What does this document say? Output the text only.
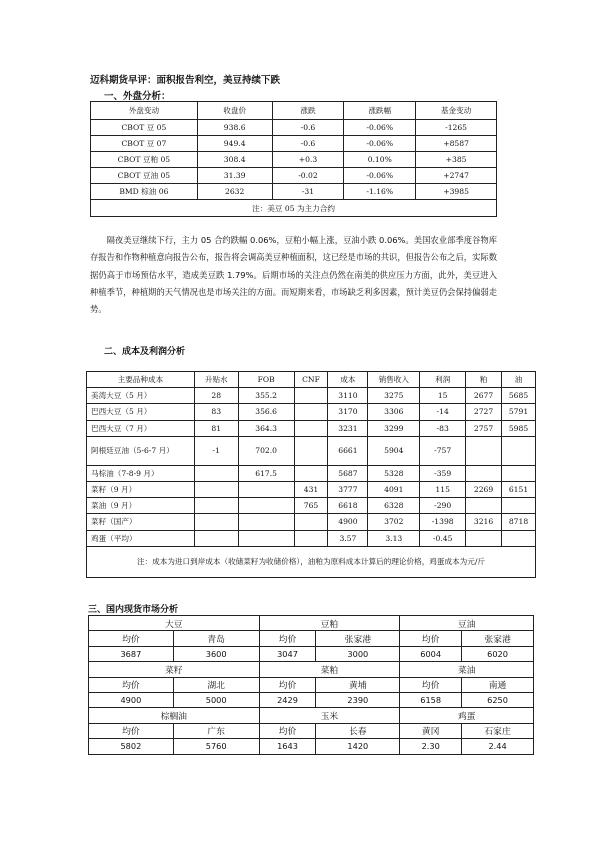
迈科期货早评：面积报告利空，美豆持续下跌
一、外盘分析：
外盘变动	收盘价	涨跌	涨跌幅	基金变动
CBOT 豆 05	938.6	-0.6	-0.06%	-1265
CBOT 豆 07	949.4	-0.6	-0.06%	+8587
CBOT 豆粕 05	308.4	+0.3	0.10%	+385
CBOT 豆油 05	31.39	-0.02	-0.06%	+2747
BMD 棕油 06	2632	-31	-1.16%	+3985
注：美豆 05 为主力合约				

隔夜美豆继续下行，主力 05 合约跌幅 0.06%，豆粕小幅上涨，豆油小跌 0.06%。美国农业部季度谷物库存报告和作物种植意向报告公布，报告将会调高美豆种植面积，这已经是市场的共识，但报告公布之后，实际数据仍高于市场预估水平，造成美豆跌 1.79%。后期市场的关注点仍然在南美的供应压力方面，此外，美豆进入种植季节，种植期的天气情况也是市场关注的方面。而短期来看，市场缺乏利多因素，预计美豆仍会保持偏弱走势。

二、成本及利润分析
主要品种成本	升贴水	FOB	CNF	成本	销售收入	利润	粕	油
美湾大豆（5 月）	28	355.2		3110	3275	15	2677	5685
巴西大豆（5 月）	83	356.6		3170	3306	-14	2727	5791
巴西大豆（7 月）	81	364.3		3231	3299	-83	2757	5985
阿根廷豆油（5-6-7 月）	-1	702.0		6661	5904	-757		
马棕油（7-8-9 月）		617.5		5687	5328	-359		
菜籽（9 月）			431	3777	4091	115	2269	6151
菜油（9 月）			765	6618	6328	-290		
菜籽（国产）				4900	3702	-1398	3216	8718
鸡蛋（平均）				3.57	3.13	-0.45		
注：成本为进口到岸成本（收储菜籽为收储价格），油粕为原料成本计算后的理论价格，鸡蛋成本为元/斤								
三、国内现货市场分析
大豆		豆粕		豆油	
均价	青岛	均价	张家港	均价	张家港
3687	3600	3047	3000	6004	6020
菜籽		菜粕		菜油	
均价	湖北	均价	黄埔	均价	南通
4900	5000	2429	2390	6158	6250
棕榈油		玉米		鸡蛋	
均价	广东	均价	长春	黄冈	石家庄
5802	5760	1643	1420	2.30	2.44
